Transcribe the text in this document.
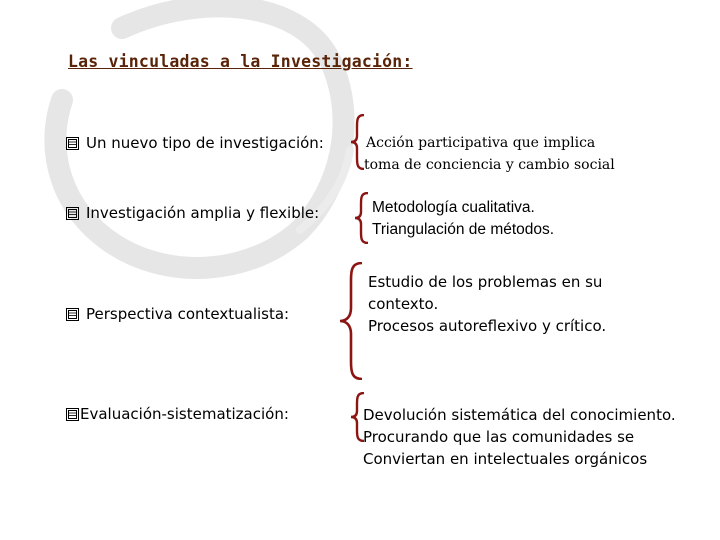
Las vinculadas a la Investigación:
Un nuevo tipo de investigación:	Acción participativa que implica
toma de conciencia y cambio social
Investigación amplia y flexible:	Metodología cualitativa.
Triangulación de métodos.
Perspectiva contextualista:
Estudio de los problemas en su
contexto.
Procesos autoreflexivo y crítico.
Evaluación-sistematización:	Devolución sistemática del conocimiento.
Procurando que las comunidades se
Conviertan en intelectuales orgánicos
